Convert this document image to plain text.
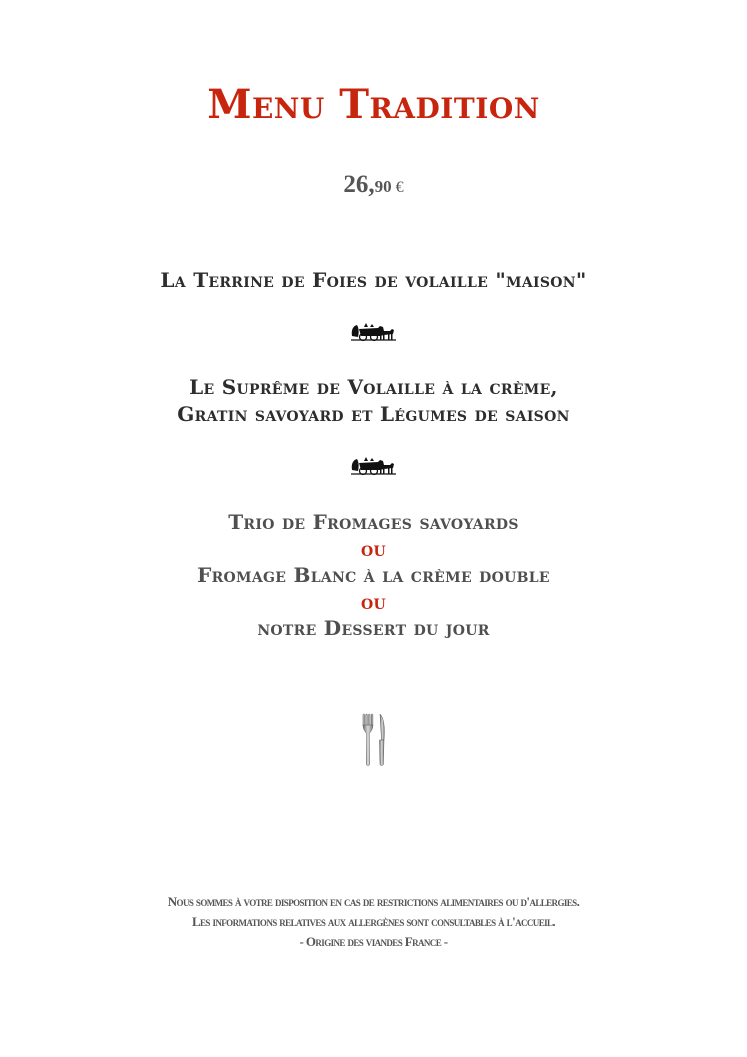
Menu Tradition
26,90 €
La Terrine de Foies de volaille "maison"
Le Suprême de Volaille à la crème,
Gratin savoyard et Légumes de saison
Trio de Fromages savoyards
ou
Fromage Blanc à la crème double
ou
notre Dessert du jour
Nous sommes à votre disposition en cas de restrictions alimentaires ou d'allergies.
Les informations relatives aux allergènes sont consultables à l'accueil.
- Origine des viandes France -
